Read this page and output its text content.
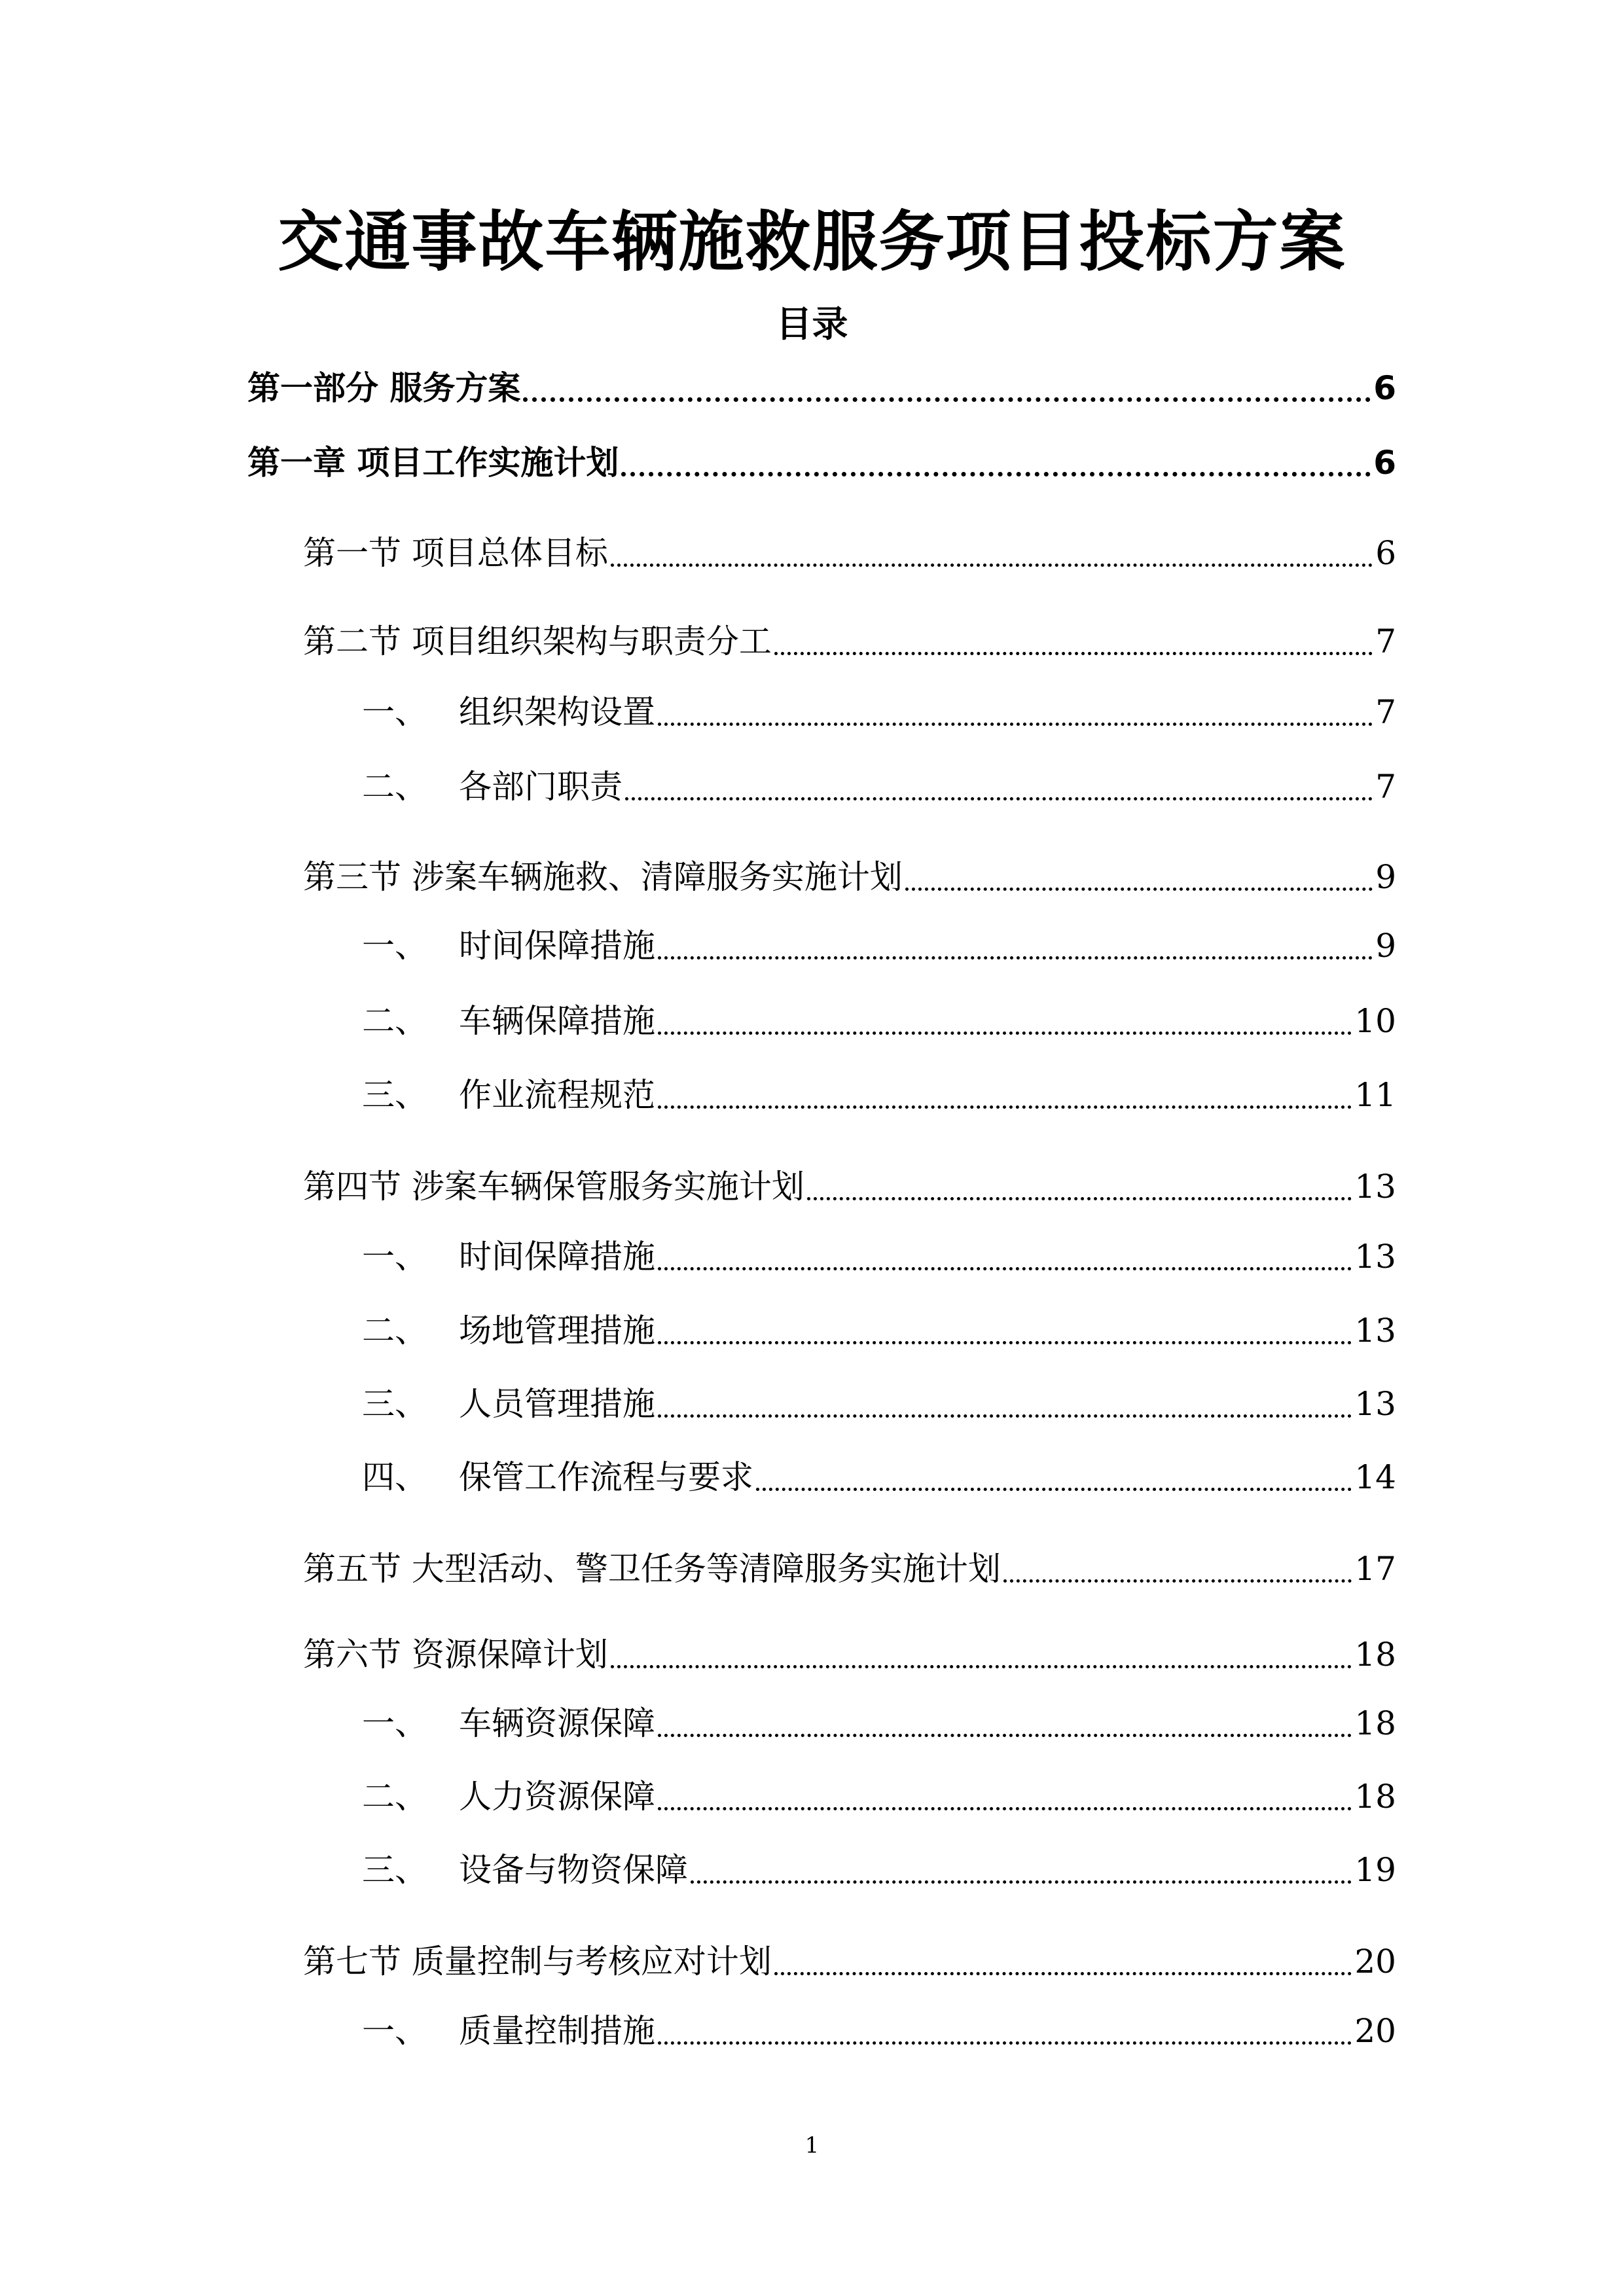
交通事故车辆施救服务项目投标方案
目录
第一部分 服务方案	6
第一章 项目工作实施计划	6
第一节 项目总体目标	6
第二节 项目组织架构与职责分工	7
一、 组织架构设置	7
二、 各部门职责	7
第三节 涉案车辆施救、清障服务实施计划	9
一、 时间保障措施	9
二、 车辆保障措施	10
三、 作业流程规范	11
第四节 涉案车辆保管服务实施计划	13
一、 时间保障措施	13
二、 场地管理措施	13
三、 人员管理措施	13
四、 保管工作流程与要求	14
第五节 大型活动、警卫任务等清障服务实施计划	17
第六节 资源保障计划	18
一、 车辆资源保障	18
二、 人力资源保障	18
三、 设备与物资保障	19
第七节 质量控制与考核应对计划	20
一、 质量控制措施	20
1
